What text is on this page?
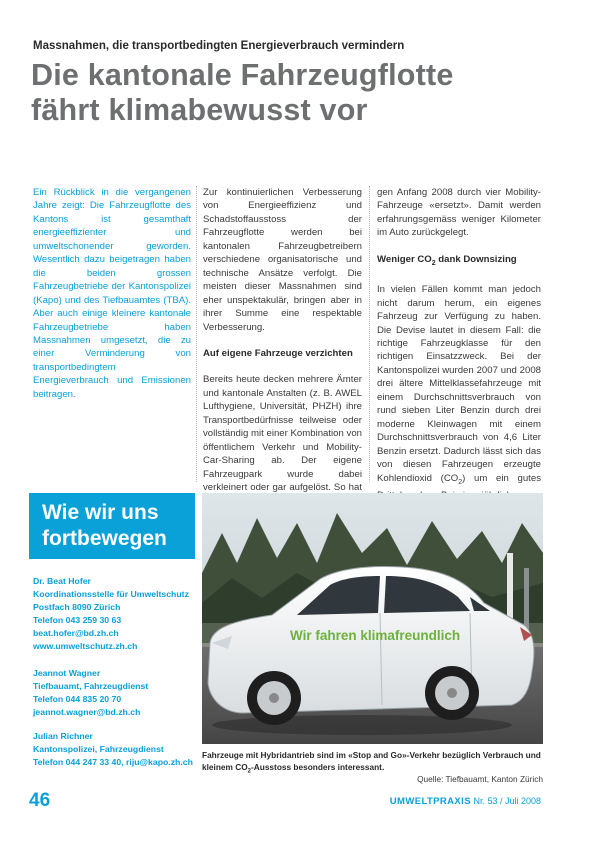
Massnahmen, die transportbedingten Energieverbrauch vermindern
Die kantonale Fahrzeugflotte
fährt klimabewusst vor
Ein Rückblick in die vergangenen Jahre zeigt: Die Fahrzeugflotte des Kantons ist gesamthaft energieeffizienter und umweltschonender geworden. Wesentlich dazu beigetragen haben die beiden grossen Fahrzeugbetriebe der Kantonspolizei (Kapo) und des Tiefbauamtes (TBA). Aber auch einige kleinere kantonale Fahrzeugbetriebe haben Massnahmen umgesetzt, die zu einer Verminderung von transportbedingtem Energieverbrauch und Emissionen beitragen.

Zur kontinuierlichen Verbesserung von Energieeffizienz und Schadstoffausstoss der Fahrzeugflotte werden bei kantonalen Fahrzeugbetreibern verschiedene organisatorische und technische Ansätze verfolgt. Die meisten dieser Massnahmen sind eher unspektakulär, bringen aber in ihrer Summe eine respektable Verbesserung.

Auf eigene Fahrzeuge verzichten

Bereits heute decken mehrere Ämter und kantonale Anstalten (z. B. AWEL Lufthygiene, Universität, PHZH) ihre Transportbedürfnisse teilweise oder vollständig mit einer Kombination von öffentlichem Verkehr und Mobility-Car-Sharing ab. Der eigene Fahrzeugpark wurde dabei verkleinert oder gar aufgelöst. So hat

gen Anfang 2008 durch vier Mobility-Fahrzeuge «ersetzt». Damit werden erfahrungsgemäss weniger Kilometer im Auto zurückgelegt.

Weniger $CO_2$ dank Downsizing

In vielen Fällen kommt man jedoch nicht darum herum, ein eigenes Fahrzeug zur Verfügung zu haben. Die Devise lautet in diesem Fall: die richtige Fahrzeugklasse für den richtigen Einsatzzweck. Bei der Kantonspolizei wurden 2007 und 2008 drei ältere Mittelklassefahrzeuge mit einem Durchschnittsverbrauch von rund sieben Liter Benzin durch drei moderne Kleinwagen mit einem Durchschnittsverbrauch von 4,6 Liter Benzin ersetzt. Dadurch lässt sich das von diesen Fahrzeugen erzeugte Kohlendioxid $(CO_2)$ um ein gutes

Wie wir uns
fortbewegen
Dr. Beat Hofer
Koordinationsstelle für Umweltschutz
Postfach 8090 Zürich
Telefon 043 259 30 63
beat.hofer@bd.zh.ch
www.umweltschutz.zh.ch
Jeannot Wagner
Tiefbauamt, Fahrzeugdienst
Telefon 044 835 20 70
jeannot.wagner@bd.zh.ch
Julian Richner
Kantonspolizei, Fahrzeugdienst
Telefon 044 247 33 40, riju@kapo.zh.ch
Wir fahren klimafreundlich
Fahrzeuge mit Hybridantrieb sind im «Stop and Go»-Verkehr bezüglich Verbrauch und kleinem $CO_2$-Ausstoss besonders interessant.
Quelle: Tiefbauamt, Kanton Zürich
46	UMWELTPRAXIS Nr. 53 / Juli 2008
